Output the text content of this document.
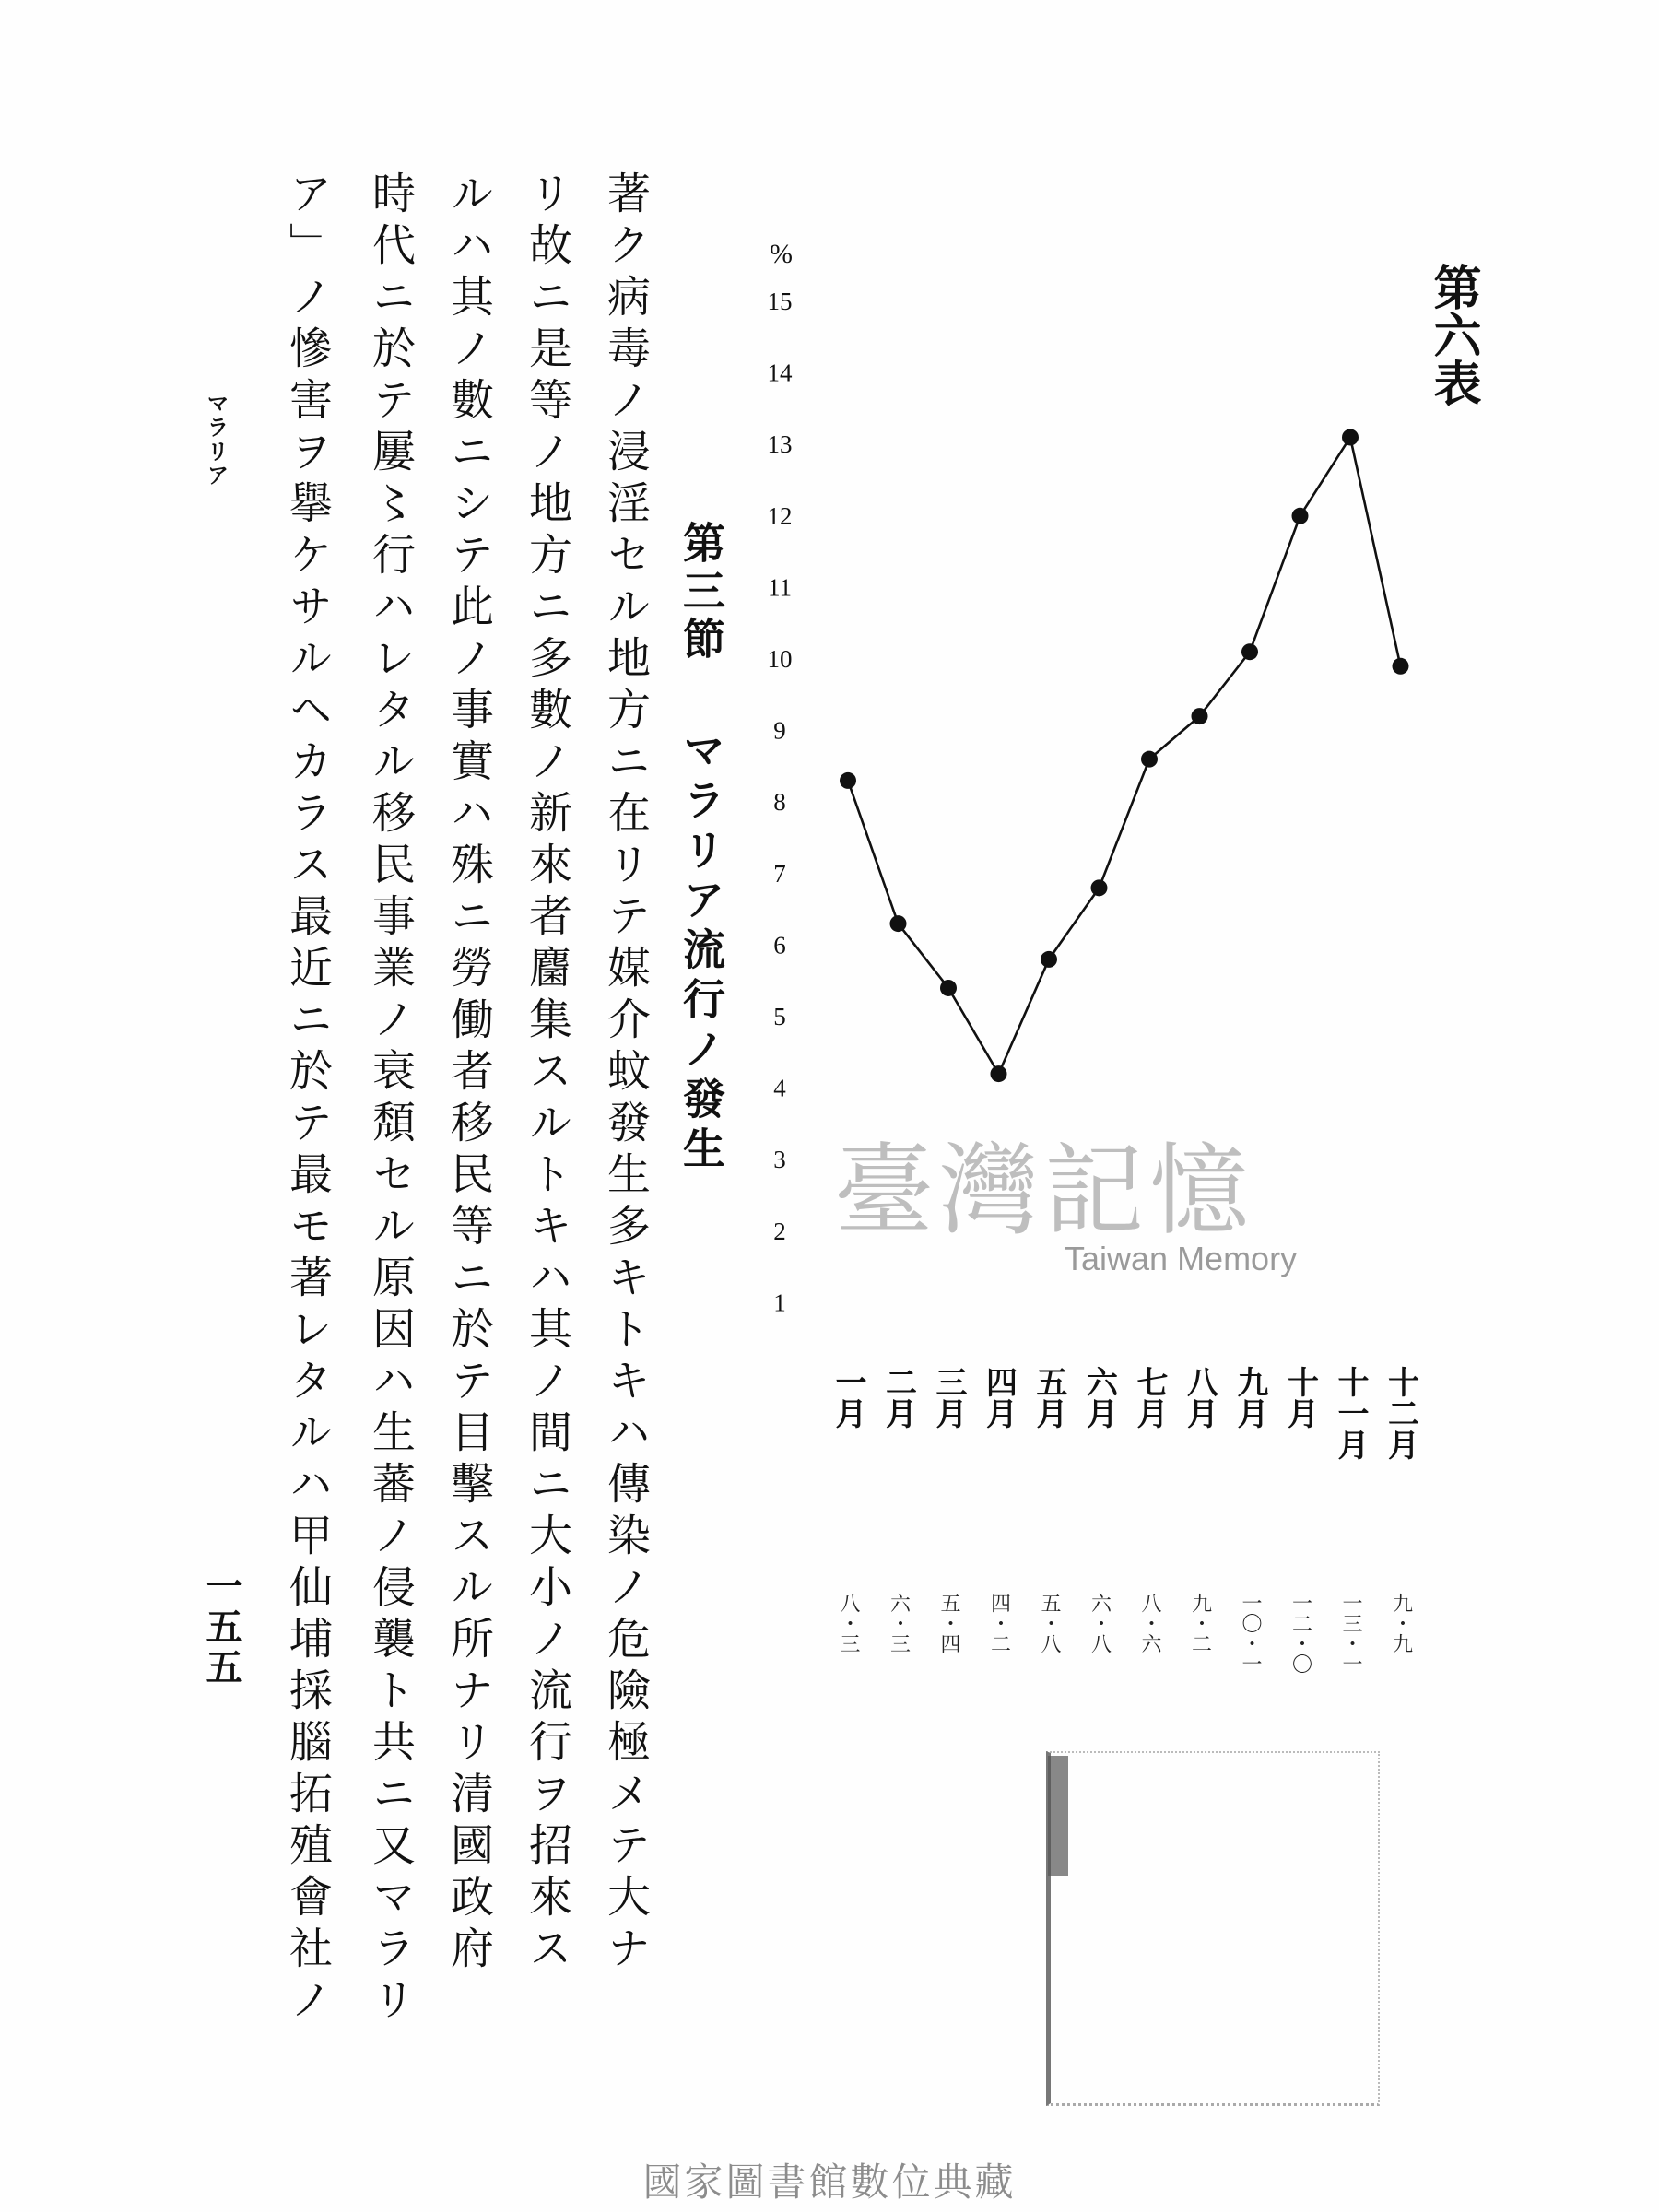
第六表
1
2
3
4
5
6
7
8
9
10
11
12
13
14
15
%
一月 二月 三月 四月 五月 六月 七月 八月 九月 十月 十一月 十二月
八・三 六・三 五・四 四・二 五・八 六・八 八・六 九・二 一〇・一 一二・〇 一三・一 九・九
第三節
マラリア流行ノ發生
著ク病毒ノ浸淫セル地方ニ在リテ媒介蚊發生多キトキハ傳染ノ危險極メテ大ナ
リ故ニ是等ノ地方ニ多數ノ新來者麕集スルトキハ其ノ間ニ大小ノ流行ヲ招來ス
ルハ其ノ數ニシテ此ノ事實ハ殊ニ勞働者移民等ニ於テ目擊スル所ナリ清國政府
時代ニ於テ屢〻行ハレタル移民事業ノ衰頽セル原因ハ生蕃ノ侵襲ト共ニ又マラリ
ア」ノ慘害ヲ擧ケサルヘカラス最近ニ於テ最モ著レタルハ甲仙埔採腦拓殖會社ノ
マラリア
一五五
臺灣記憶
Taiwan Memory
國家圖書館數位典藏
